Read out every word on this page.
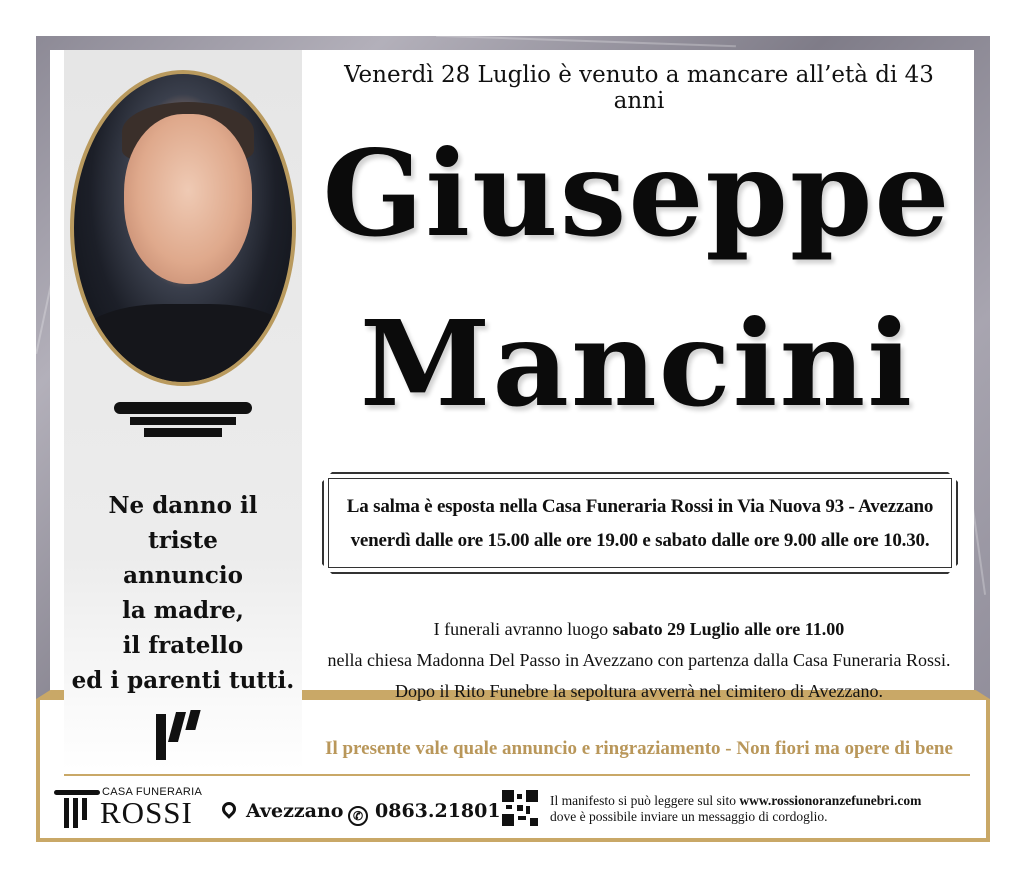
Ne danno il triste
annuncio
la madre,
il fratello
ed i parenti tutti.
Venerdì 28 Luglio è venuto a mancare all’età di 43 anni
Giuseppe
Mancini
La salma è esposta nella Casa Funeraria Rossi in Via Nuova 93 - Avezzano
venerdì dalle ore 15.00 alle ore 19.00 e sabato dalle ore 9.00 alle ore 10.30.
I funerali avranno luogo sabato 29 Luglio alle ore 11.00
nella chiesa Madonna Del Passo in Avezzano con partenza dalla Casa Funeraria Rossi.
Dopo il Rito Funebre la sepoltura avverrà nel cimitero di Avezzano.
Il presente vale quale annuncio e ringraziamento - Non fiori ma opere di bene
CASA FUNERARIA
ROSSI	Avezzano ✆ 0863.21801	Il manifesto si può leggere sul sito www.rossionoranzefunebri.com
dove è possibile inviare un messaggio di cordoglio.
